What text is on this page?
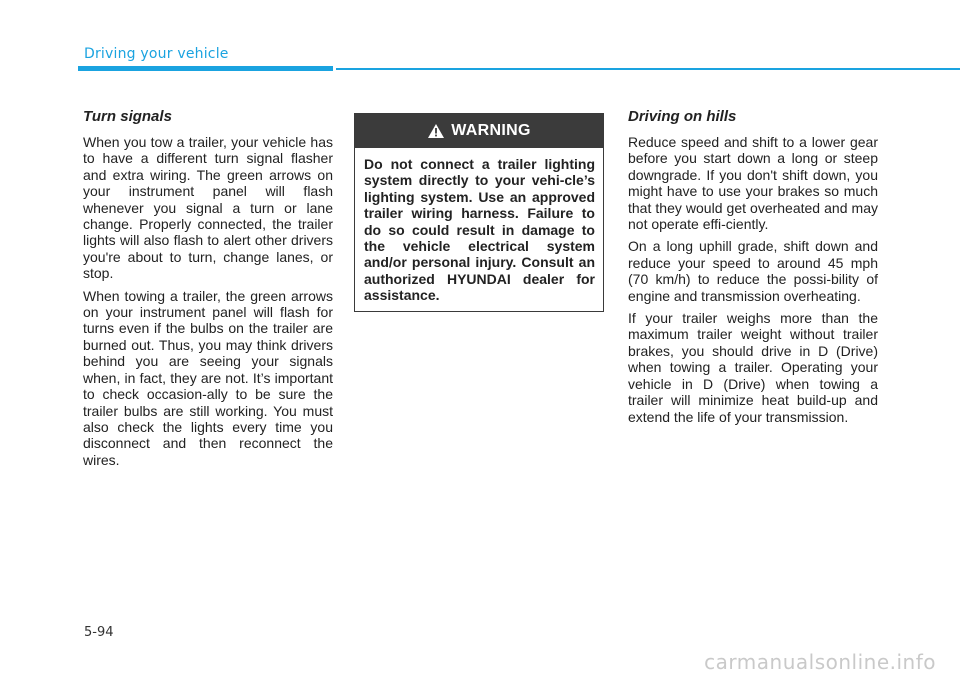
Driving your vehicle
Turn signals

When you tow a trailer, your vehicle has to have a different turn signal flasher and extra wiring. The green arrows on your instrument panel will flash whenever you signal a turn or lane change. Properly connected, the trailer lights will also flash to alert other drivers you're about to turn, change lanes, or stop.

When towing a trailer, the green arrows on your instrument panel will flash for turns even if the bulbs on the trailer are burned out. Thus, you may think drivers behind you are seeing your signals when, in fact, they are not. It’s important to check occasion-ally to be sure the trailer bulbs are still working. You must also check the lights every time you disconnect and then reconnect the wires.

WARNING
Do not connect a trailer lighting system directly to your vehi-cle’s lighting system. Use an approved trailer wiring harness. Failure to do so could result in damage to the vehicle electrical system and/or personal injury. Consult an authorized HYUNDAI dealer for assistance.
Driving on hills

Reduce speed and shift to a lower gear before you start down a long or steep downgrade. If you don't shift down, you might have to use your brakes so much that they would get overheated and may not operate effi-ciently.

On a long uphill grade, shift down and reduce your speed to around 45 mph (70 km/h) to reduce the possi-bility of engine and transmission overheating.

If your trailer weighs more than the maximum trailer weight without trailer brakes, you should drive in D (Drive) when towing a trailer. Operating your vehicle in D (Drive) when towing a trailer will minimize heat build-up and extend the life of your transmission.

5-94
carmanualsonline.info
